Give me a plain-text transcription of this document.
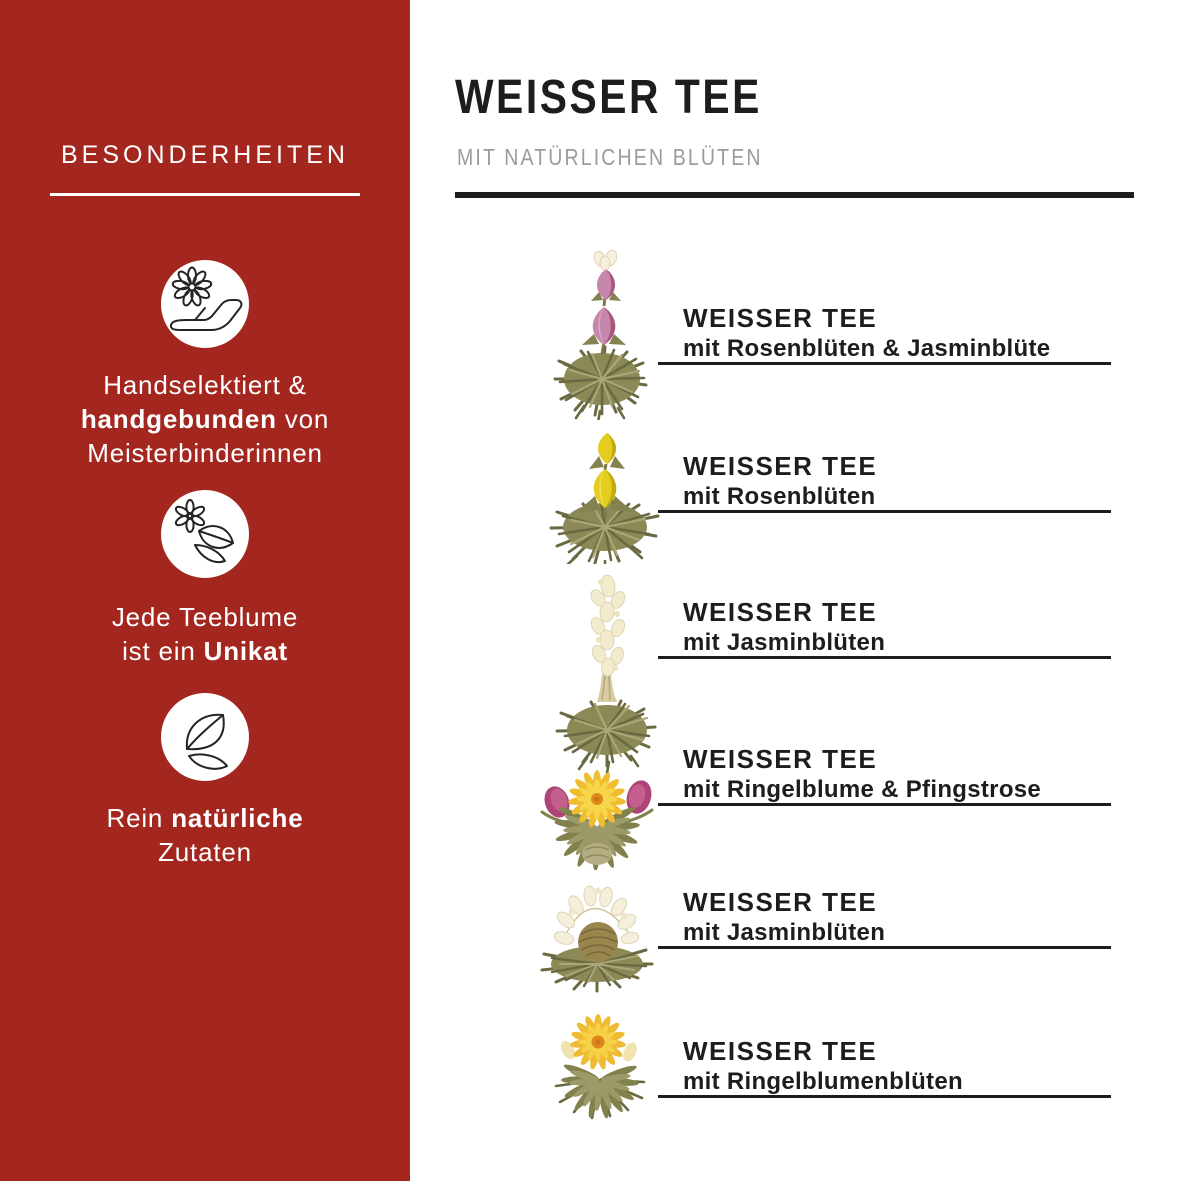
BESONDERHEITEN
Handselektiert &
handgebunden von
Meisterbinderinnen
Jede Teeblume
ist ein Unikat
Rein natürliche
Zutaten
WEISSER TEE
MIT NATÜRLICHEN BLÜTEN
WEISSER TEE
mit Rosenblüten & Jasminblüte
WEISSER TEE
mit Rosenblüten
WEISSER TEE
mit Jasminblüten
WEISSER TEE
mit Ringelblume & Pfingstrose
WEISSER TEE
mit Jasminblüten
WEISSER TEE
mit Ringelblumenblüten
